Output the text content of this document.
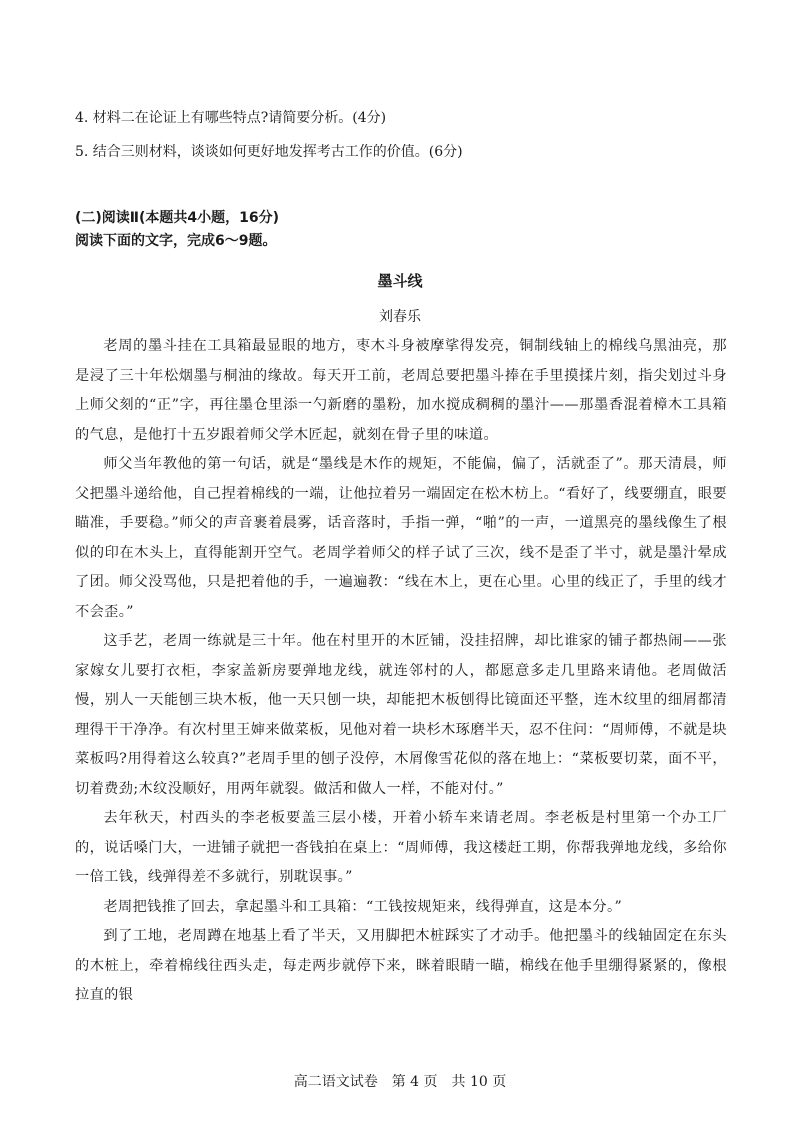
4. 材料二在论证上有哪些特点?请简要分析。(4分)
5. 结合三则材料，谈谈如何更好地发挥考古工作的价值。(6分)
(二)阅读Ⅱ(本题共4小题，16分)
阅读下面的文字，完成6～9题。
墨斗线
刘春乐

老周的墨斗挂在工具箱最显眼的地方，枣木斗身被摩挲得发亮，铜制线轴上的棉线乌黑油亮，那是浸了三十年松烟墨与桐油的缘故。每天开工前，老周总要把墨斗捧在手里摸揉片刻，指尖划过斗身上师父刻的“正”字，再往墨仓里添一勺新磨的墨粉，加水搅成稠稠的墨汁——那墨香混着樟木工具箱的气息，是他打十五岁跟着师父学木匠起，就刻在骨子里的味道。

师父当年教他的第一句话，就是“墨线是木作的规矩，不能偏，偏了，活就歪了”。那天清晨，师父把墨斗递给他，自己捏着棉线的一端，让他拉着另一端固定在松木枋上。“看好了，线要绷直，眼要瞄准，手要稳。”师父的声音裹着晨雾，话音落时，手指一弹，“啪”的一声，一道黑亮的墨线像生了根似的印在木头上，直得能割开空气。老周学着师父的样子试了三次，线不是歪了半寸，就是墨汁晕成了团。师父没骂他，只是把着他的手，一遍遍教：“线在木上，更在心里。心里的线正了，手里的线才不会歪。”

这手艺，老周一练就是三十年。他在村里开的木匠铺，没挂招牌，却比谁家的铺子都热闹——张家嫁女儿要打衣柜，李家盖新房要弹地龙线，就连邻村的人，都愿意多走几里路来请他。老周做活慢，别人一天能刨三块木板，他一天只刨一块，却能把木板刨得比镜面还平整，连木纹里的细屑都清理得干干净净。有次村里王婶来做菜板，见他对着一块杉木琢磨半天，忍不住问：“周师傅，不就是块菜板吗?用得着这么较真?”老周手里的刨子没停，木屑像雪花似的落在地上：“菜板要切菜，面不平，切着费劲;木纹没顺好，用两年就裂。做活和做人一样，不能对付。”

去年秋天，村西头的李老板要盖三层小楼，开着小轿车来请老周。李老板是村里第一个办工厂的，说话嗓门大，一进铺子就把一沓钱拍在桌上：“周师傅，我这楼赶工期，你帮我弹地龙线，多给你一倍工钱，线弹得差不多就行，别耽误事。”

老周把钱推了回去，拿起墨斗和工具箱：“工钱按规矩来，线得弹直，这是本分。”

到了工地，老周蹲在地基上看了半天，又用脚把木桩踩实了才动手。他把墨斗的线轴固定在东头的木桩上，牵着棉线往西头走，每走两步就停下来，眯着眼睛一瞄，棉线在他手里绷得紧紧的，像根拉直的银

高二语文试卷　第 4 页　共 10 页
